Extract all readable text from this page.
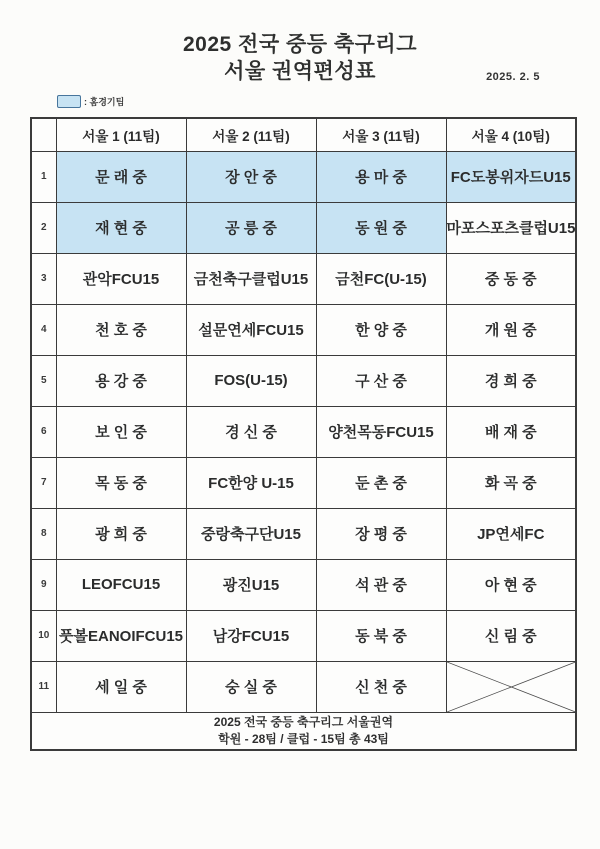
2025 전국 중등 축구리그
서울 권역편성표	2025. 2. 5
: 홈경기팀
	서울 1 (11팀)	서울 2 (11팀)	서울 3 (11팀)	서울 4 (10팀)
1	문 래 중	장 안 중	용 마 중	FC도봉위자드U15
2	재 현 중	공 릉 중	동 원 중	마포스포츠클럽U15
3	관악FCU15	금천축구클럽U15	금천FC(U-15)	중 동 중
4	천 호 중	설문연세FCU15	한 양 중	개 원 중
5	용 강 중	FOS(U-15)	구 산 중	경 희 중
6	보 인 중	경 신 중	양천목동FCU15	배 재 중
7	목 동 중	FC한양 U-15	둔 촌 중	화 곡 중
8	광 희 중	중랑축구단U15	장 평 중	JP연세FC
9	LEOFCU15	광진U15	석 관 중	아 현 중
10	풋볼EANOIFCU15	남강FCU15	동 북 중	신 림 중
11	세 일 중	숭 실 중	신 천 중	

2025 전국 중등 축구리그 서울권역
학원 - 28팀 / 클럽 - 15팀 총 43팀				
